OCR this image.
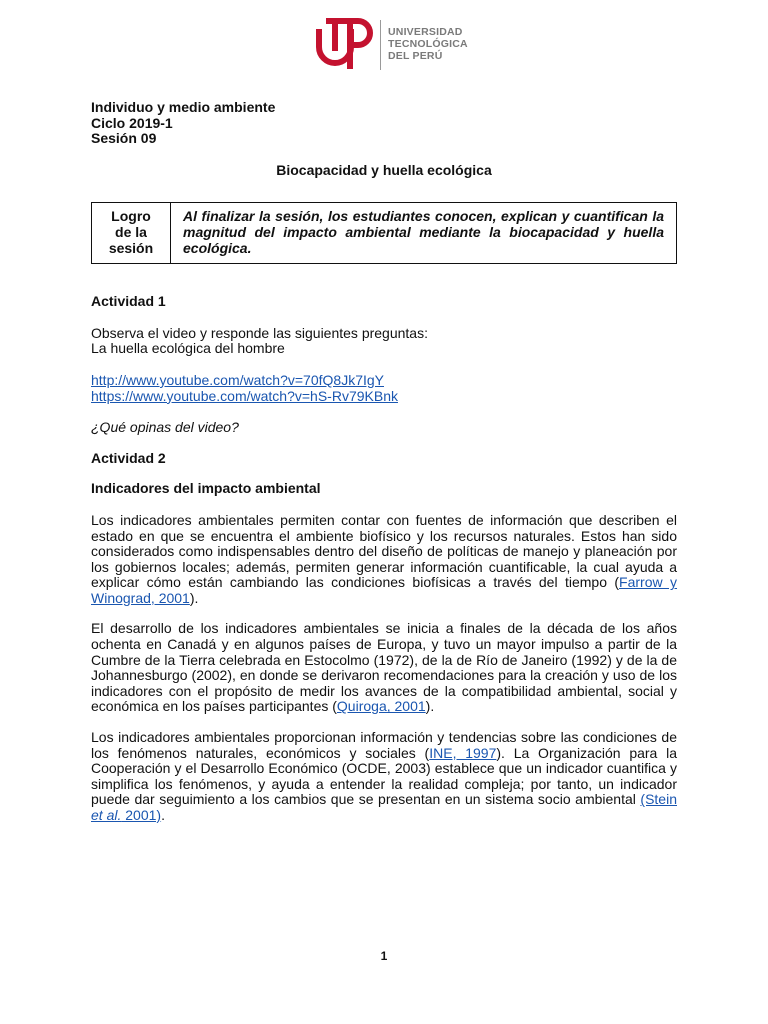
UNIVERSIDAD
TECNOLÓGICA
DEL PERÚ
Individuo y medio ambiente
Ciclo 2019-1
Sesión 09
Biocapacidad y huella ecológica
Logro de la sesión	Al finalizar la sesión, los estudiantes conocen, explican y cuantifican la magnitud del impacto ambiental mediante la biocapacidad y huella ecológica.
Actividad 1

Observa el video y responde las siguientes preguntas:

La huella ecológica del hombre

http://www.youtube.com/watch?v=70fQ8Jk7IgY

https://www.youtube.com/watch?v=hS-Rv79KBnk

¿Qué opinas del video?

Actividad 2
Indicadores del impacto ambiental

Los indicadores ambientales permiten contar con fuentes de información que describen el estado en que se encuentra el ambiente biofísico y los recursos naturales. Estos han sido considerados como indispensables dentro del diseño de políticas de manejo y planeación por los gobiernos locales; además, permiten generar información cuantificable, la cual ayuda a explicar cómo están cambiando las condiciones biofísicas a través del tiempo (Farrow y Winograd, 2001).

El desarrollo de los indicadores ambientales se inicia a finales de la década de los años ochenta en Canadá y en algunos países de Europa, y tuvo un mayor impulso a partir de la Cumbre de la Tierra celebrada en Estocolmo (1972), de la de Río de Janeiro (1992) y de la de Johannesburgo (2002), en donde se derivaron recomendaciones para la creación y uso de los indicadores con el propósito de medir los avances de la compatibilidad ambiental, social y económica en los países participantes (Quiroga, 2001).

Los indicadores ambientales proporcionan información y tendencias sobre las condiciones de los fenómenos naturales, económicos y sociales (INE, 1997). La Organización para la Cooperación y el Desarrollo Económico (OCDE, 2003) establece que un indicador cuantifica y simplifica los fenómenos, y ayuda a entender la realidad compleja; por tanto, un indicador puede dar seguimiento a los cambios que se presentan en un sistema socio ambiental (Stein et al. 2001).

1
